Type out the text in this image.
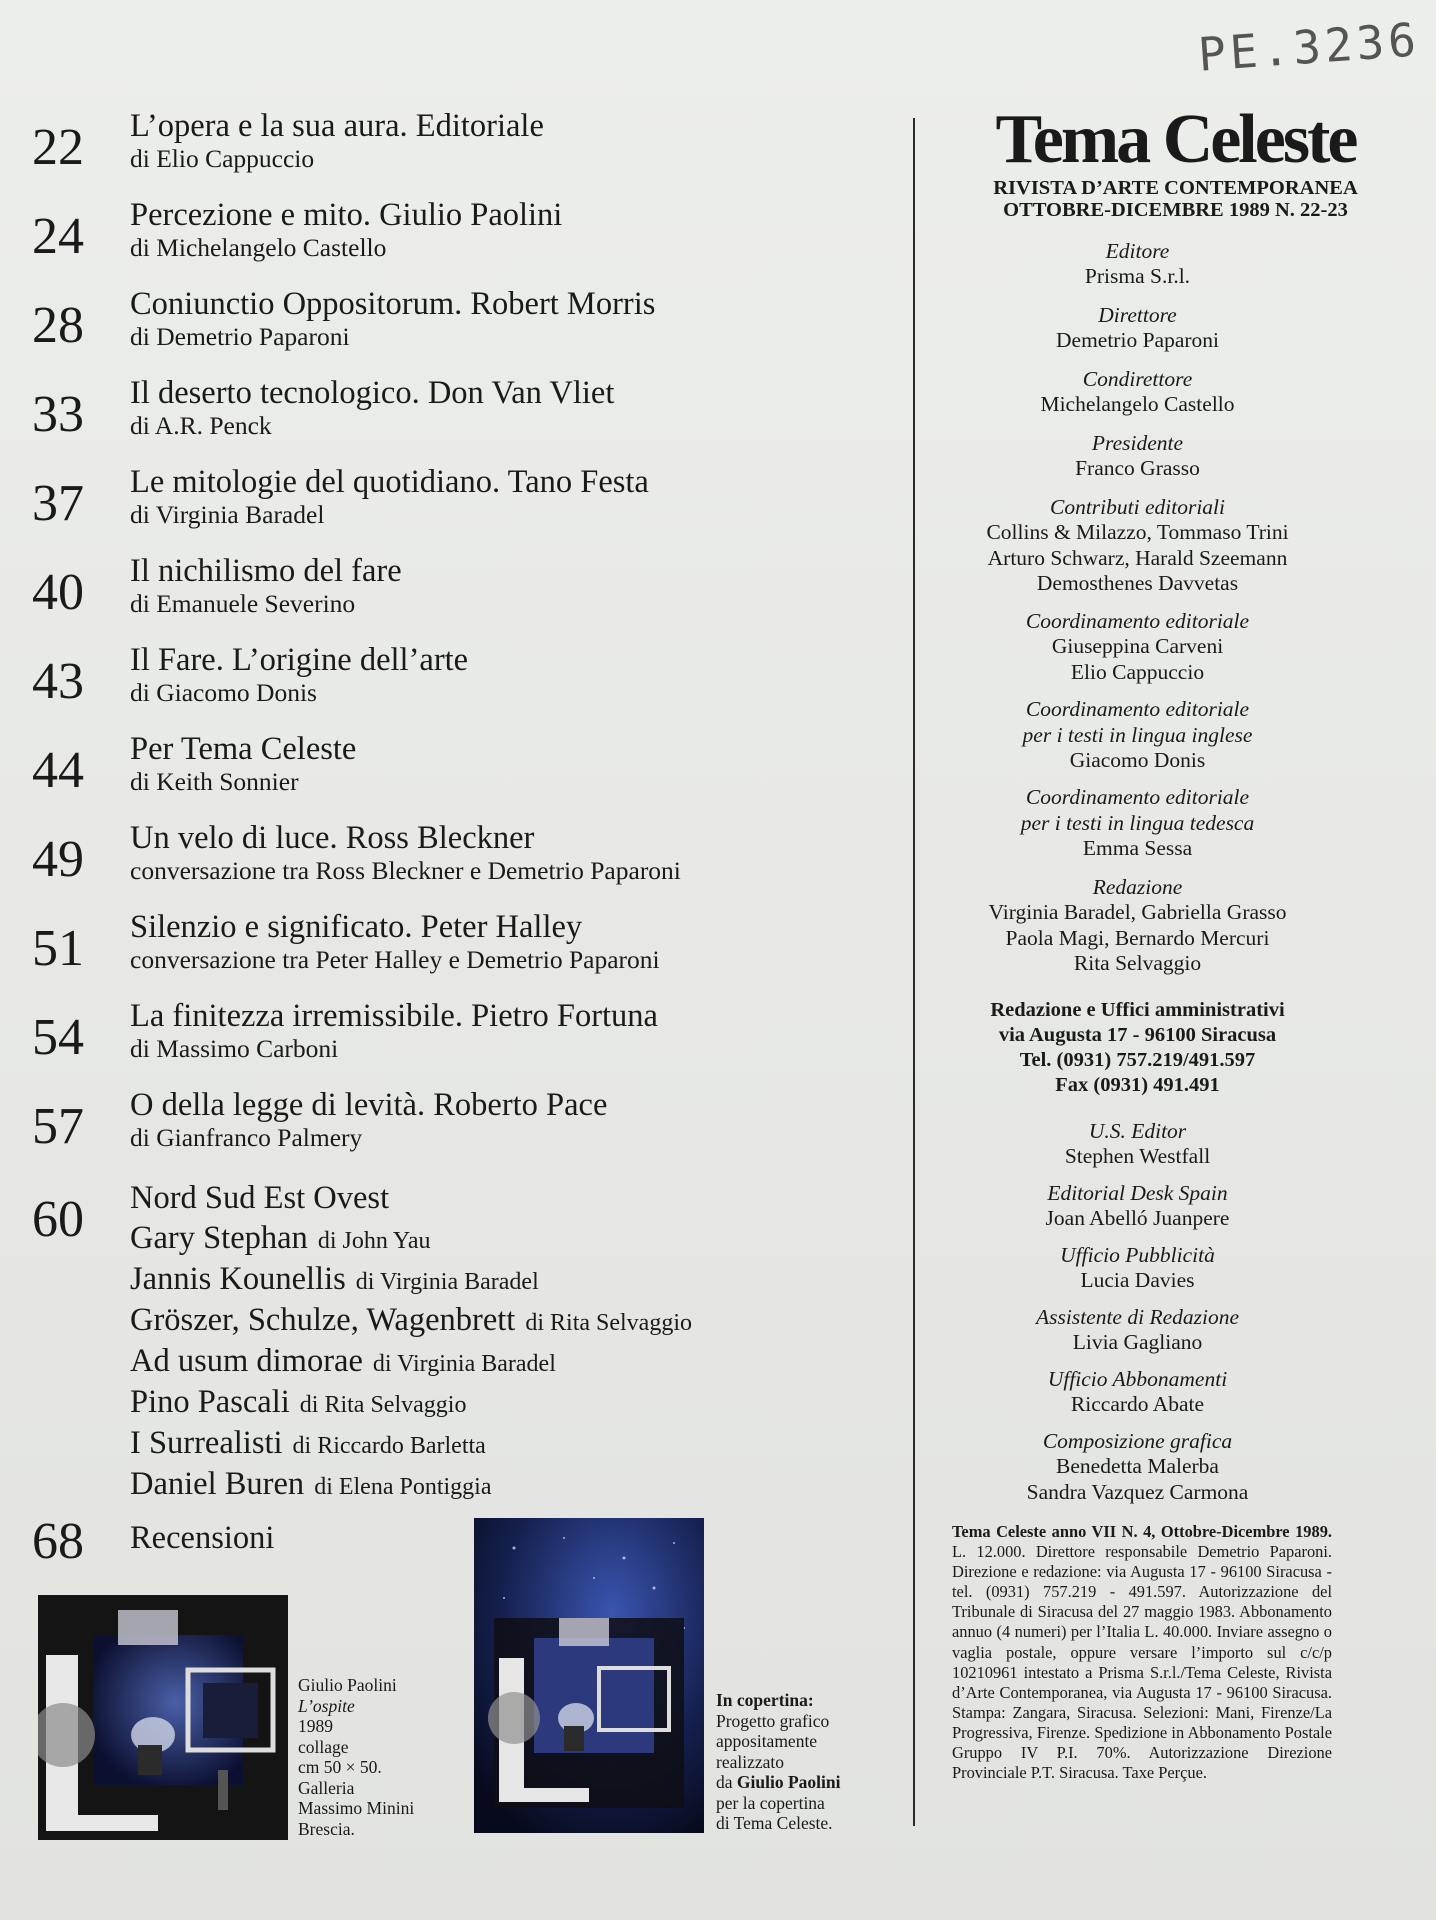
PE.3236
22	L’opera e la sua aura. Editoriale
di Elio Cappuccio
24	Percezione e mito. Giulio Paolini
di Michelangelo Castello
28	Coniunctio Oppositorum. Robert Morris
di Demetrio Paparoni
33	Il deserto tecnologico. Don Van Vliet
di A.R. Penck
37	Le mitologie del quotidiano. Tano Festa
di Virginia Baradel
40	Il nichilismo del fare
di Emanuele Severino
43	Il Fare. L’origine dell’arte
di Giacomo Donis
44	Per Tema Celeste
di Keith Sonnier
49	Un velo di luce. Ross Bleckner
conversazione tra Ross Bleckner e Demetrio Paparoni
51	Silenzio e significato. Peter Halley
conversazione tra Peter Halley e Demetrio Paparoni
54	La finitezza irremissibile. Pietro Fortuna
di Massimo Carboni
57	O della legge di levità. Roberto Pace
di Gianfranco Palmery
60	Nord Sud Est Ovest
Gary Stephan di John Yau
Jannis Kounellis di Virginia Baradel
Gröszer, Schulze, Wagenbrett di Rita Selvaggio
Ad usum dimorae di Virginia Baradel
Pino Pascali di Rita Selvaggio
I Surrealisti di Riccardo Barletta
Daniel Buren di Elena Pontiggia
68	Recensioni
Giulio Paolini
L’ospite
1989
collage
cm 50 × 50.
Galleria
Massimo Minini
Brescia.
In copertina:
Progetto grafico
appositamente
realizzato
da Giulio Paolini
per la copertina
di Tema Celeste.
Tema Celeste
RIVISTA D’ARTE CONTEMPORANEA
OTTOBRE-DICEMBRE 1989 N. 22-23
Editore
Prisma S.r.l.
Direttore
Demetrio Paparoni
Condirettore
Michelangelo Castello
Presidente
Franco Grasso
Contributi editoriali
Collins & Milazzo, Tommaso Trini
Arturo Schwarz, Harald Szeemann
Demosthenes Davvetas
Coordinamento editoriale
Giuseppina Carveni
Elio Cappuccio
Coordinamento editoriale
per i testi in lingua inglese
Giacomo Donis
Coordinamento editoriale
per i testi in lingua tedesca
Emma Sessa
Redazione
Virginia Baradel, Gabriella Grasso
Paola Magi, Bernardo Mercuri
Rita Selvaggio
Redazione e Uffici amministrativi
via Augusta 17 - 96100 Siracusa
Tel. (0931) 757.219/491.597
Fax (0931) 491.491
U.S. Editor
Stephen Westfall
Editorial Desk Spain
Joan Abelló Juanpere
Ufficio Pubblicità
Lucia Davies
Assistente di Redazione
Livia Gagliano
Ufficio Abbonamenti
Riccardo Abate
Composizione grafica
Benedetta Malerba
Sandra Vazquez Carmona
Tema Celeste anno VII N. 4, Ottobre-Dicembre 1989. L. 12.000. Direttore responsabile Demetrio Paparoni. Direzione e redazione: via Augusta 17 - 96100 Siracusa - tel. (0931) 757.219 - 491.597. Autorizzazione del Tribunale di Siracusa del 27 maggio 1983. Abbonamento annuo (4 numeri) per l’Italia L. 40.000. Inviare assegno o vaglia postale, oppure versare l’importo sul c/c/p 10210961 intestato a Prisma S.r.l./Tema Celeste, Rivista d’Arte Contemporanea, via Augusta 17 - 96100 Siracusa. Stampa: Zangara, Siracusa. Selezioni: Mani, Firenze/La Progressiva, Firenze. Spedizione in Abbonamento Postale Gruppo IV P.I. 70%. Autorizzazione Direzione Provinciale P.T. Siracusa. Taxe Perçue.
